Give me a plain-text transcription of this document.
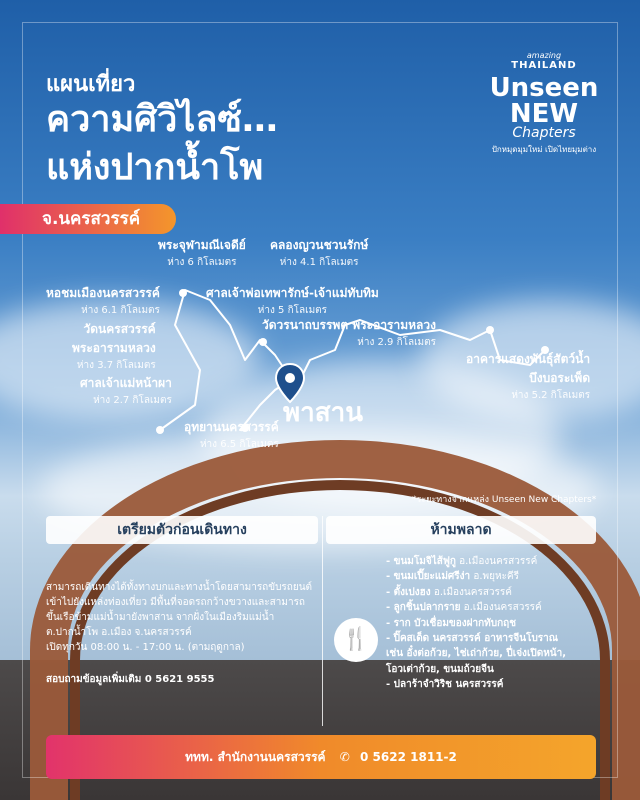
แผนเที่ยว
ความศิวิไลซ์…
แห่งปากน้ำโพ
amazing
THAILAND
Unseen
NEW
Chapters
ปักหมุดมุมใหม่ เปิดไทยมุมต่าง
จ.นครสวรรค์
พระจุฬามณีเจดีย์
ห่าง 6 กิโลเมตร
คลองญวนชวนรักษ์
ห่าง 4.1 กิโลเมตร
หอชมเมืองนครสวรรค์
ห่าง 6.1 กิโลเมตร
ศาลเจ้าพ่อเทพารักษ์-เจ้าแม่ทับทิม
ห่าง 5 กิโลเมตร
วัดนครสวรรค์
พระอารามหลวง
ห่าง 3.7 กิโลเมตร
วัดวรนาถบรรพต พระอารามหลวง
ห่าง 2.9 กิโลเมตร
ศาลเจ้าแม่หน้าผา
ห่าง 2.7 กิโลเมตร
อาคารแสดงพันธุ์สัตว์น้ำ
บึงบอระเพ็ด
ห่าง 5.2 กิโลเมตร
อุทยานนครสวรรค์
ห่าง 6.5 กิโลเมตร
พาสาน
*ระยะทางจากแหล่ง Unseen New Chapters*
เตรียมตัวก่อนเดินทาง	ห้ามพลาด
สามารถเดินทางได้ทั้งทางบกและทางน้ำโดยสามารถขับรถยนต์
เข้าไปยังแหล่งท่องเที่ยว มีพื้นที่จอดรถกว้างขวางและสามารถ
ขึ้นเรือข้ามแม่น้ำมายังพาสาน จากฝั่งในเมืองริมแม่น้ำ
ต.ปากน้ำโพ อ.เมือง จ.นครสวรรค์
เปิดทุกวัน 08:00 น. - 17:00 น. (ตามฤดูกาล)
สอบถามข้อมูลเพิ่มเติม 0 5621 9555
🍴
- ขนมโมจิไส้ฟูกู อ.เมืองนครสวรรค์
- ขนมเปี๊ยะแม่ศรีง่า อ.พยุหะคีรี
- ตั้งเปงฮง อ.เมืองนครสวรรค์
- ลูกชิ้นปลากราย อ.เมืองนครสวรรค์
- ราก บัวเชื่อมของฝากทับกฤช
- ปิ๊คสเด็ด นครสวรรค์ อาหารจีนโบราณ
เช่น อั๋งต่อก้วย, ไช่เถ่าก้วย, ปี่เจ่งเปิดหน้า,
โอวเต่าก้วย, ขนมถ้วยจีน
- ปลาร้าจำวิริช นครสวรรค์
ททท. สำนักงานนครสวรรค์ ✆ 0 5622 1811-2
